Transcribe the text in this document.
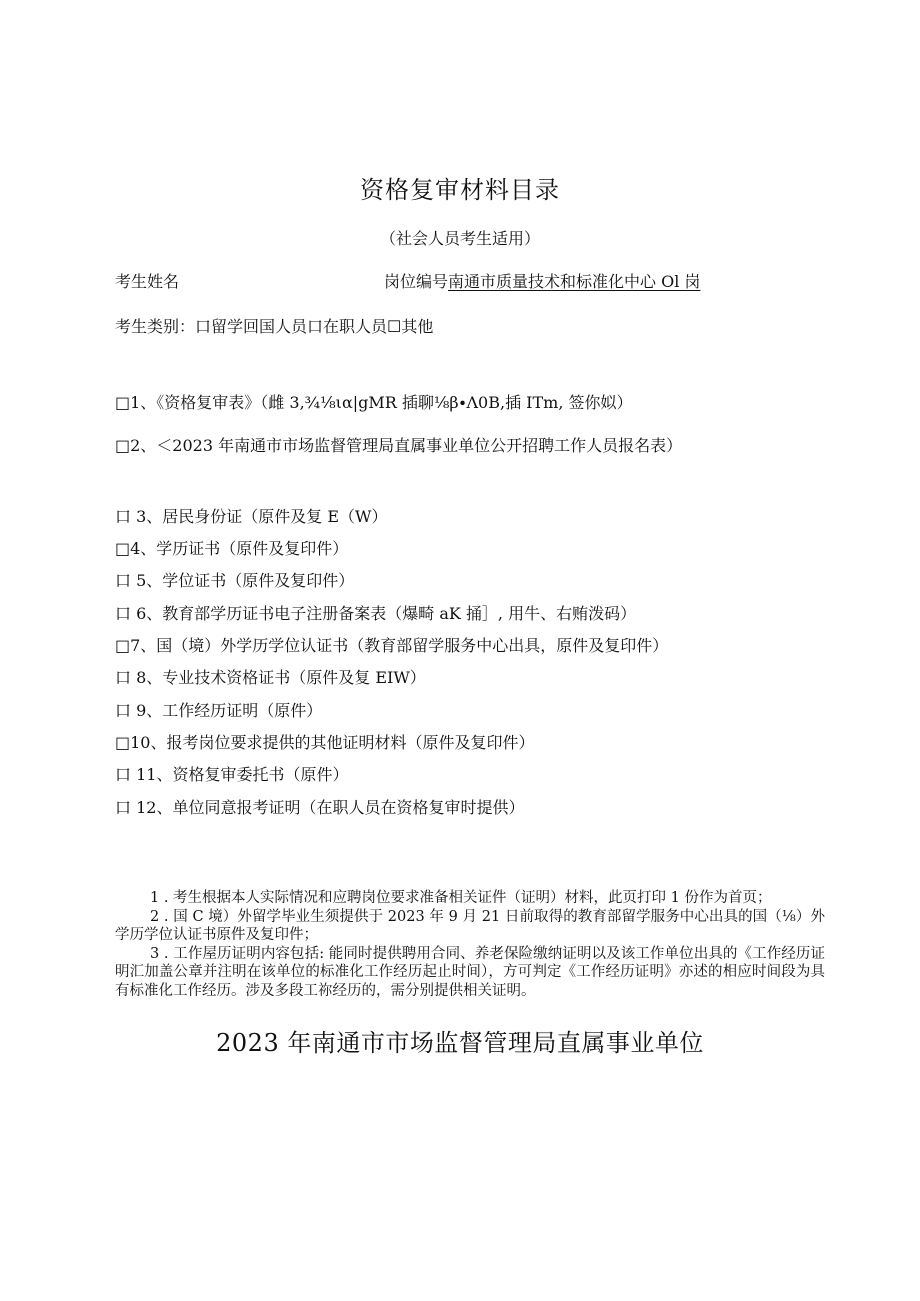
资格复审材料目录
（社会人员考生适用）
考生姓名	岗位编号南通市质量技术和标准化中心 Ol 岗
考生类别：口留学回国人员口在职人员☐其他
□1、《资格复审表》（雌 3,¾⅛ια|gMR 插聊⅛β∙Λ0B,插 ITm, 签你姒）
□2、＜2023 年南通市市场监督管理局直属事业单位公开招聘工作人员报名表）
口 3、居民身份证（原件及复 E（W）
□4、学历证书（原件及复印件）
口 5、学位证书（原件及复印件）
口 6、教育部学历证书电子注册备案表（爆畸 aK 捅］, 用牛、右贿泼码）
□7、国（境）外学历学位认证书（教育部留学服务中心出具，原件及复印件）
口 8、专业技术资格证书（原件及复 EIW）
口 9、工作经历证明（原件）
□10、报考岗位要求提供的其他证明材料（原件及复印件）
口 11、资格复审委托书（原件）
口 12、单位同意报考证明（在职人员在资格复审时提供）

1 . 考生根据本人实际情况和应聘岗位要求准备相关证件（证明）材料，此页打印 1 份作为首页；

2 . 国 C 境）外留学毕业生须提供于 2023 年 9 月 21 日前取得的教育部留学服务中心出具的国（⅛）外学历学位认证书原件及复印件；

3 . 工作屋历证明内容包括: 能同时提供聘用合同、养老保险缴纳证明以及该工作单位出具的《工作经历证明汇加盖公章并注明在该单位的标准化工作经历起止时间），方可判定《工作经历证明》亦述的相应时间段为具有标准化工作经历。涉及多段工祢经历的，需分别提供相关证明。

2023 年南通市市场监督管理局直属事业单位
